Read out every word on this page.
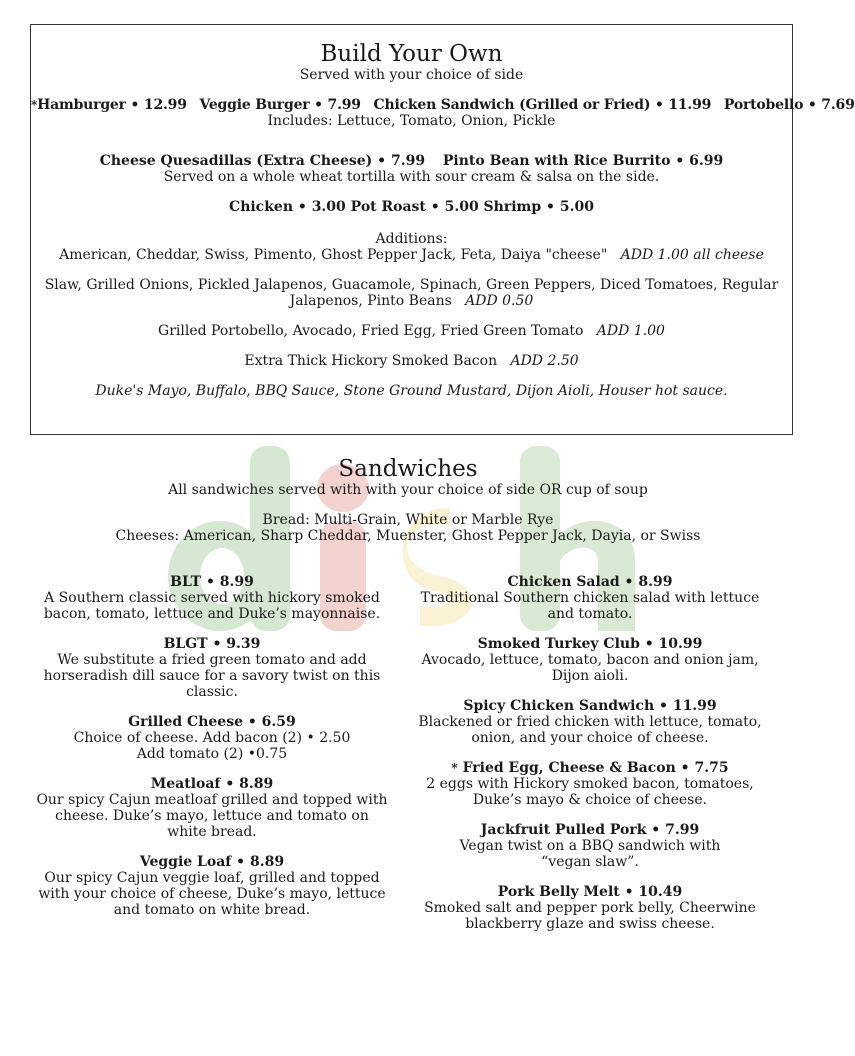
Build Your Own
Served with your choice of side
*Hamburger • 12.99 Veggie Burger • 7.99 Chicken Sandwich (Grilled or Fried) • 11.99 Portobello • 7.69
Includes: Lettuce, Tomato, Onion, Pickle
Cheese Quesadillas (Extra Cheese) • 7.99 Pinto Bean with Rice Burrito • 6.99
Served on a whole wheat tortilla with sour cream & salsa on the side.
Chicken • 3.00 Pot Roast • 5.00 Shrimp • 5.00
Additions:
American, Cheddar, Swiss, Pimento, Ghost Pepper Jack, Feta, Daiya "cheese" ADD 1.00 all cheese
Slaw, Grilled Onions, Pickled Jalapenos, Guacamole, Spinach, Green Peppers, Diced Tomatoes, Regular
Jalapenos, Pinto Beans ADD 0.50
Grilled Portobello, Avocado, Fried Egg, Fried Green Tomato ADD 1.00
Extra Thick Hickory Smoked Bacon ADD 2.50
Duke's Mayo, Buffalo, BBQ Sauce, Stone Ground Mustard, Dijon Aioli, Houser hot sauce.
Sandwiches
All sandwiches served with with your choice of side OR cup of soup
Bread: Multi-Grain, White or Marble Rye
Cheeses: American, Sharp Cheddar, Muenster, Ghost Pepper Jack, Dayia, or Swiss
BLT • 8.99
A Southern classic served with hickory smoked
bacon, tomato, lettuce and Duke’s mayonnaise.
BLGT • 9.39
We substitute a fried green tomato and add
horseradish dill sauce for a savory twist on this
classic.
Grilled Cheese • 6.59
Choice of cheese. Add bacon (2) • 2.50
Add tomato (2) •0.75
Meatloaf • 8.89
Our spicy Cajun meatloaf grilled and topped with
cheese. Duke’s mayo, lettuce and tomato on
white bread.
Veggie Loaf • 8.89
Our spicy Cajun veggie loaf, grilled and topped
with your choice of cheese, Duke’s mayo, lettuce
and tomato on white bread.
Chicken Salad • 8.99
Traditional Southern chicken salad with lettuce
and tomato.
Smoked Turkey Club • 10.99
Avocado, lettuce, tomato, bacon and onion jam,
Dijon aioli.
Spicy Chicken Sandwich • 11.99
Blackened or fried chicken with lettuce, tomato,
onion, and your choice of cheese.
* Fried Egg, Cheese & Bacon • 7.75
2 eggs with Hickory smoked bacon, tomatoes,
Duke’s mayo & choice of cheese.
Jackfruit Pulled Pork • 7.99
Vegan twist on a BBQ sandwich with
“vegan slaw”.
Pork Belly Melt • 10.49
Smoked salt and pepper pork belly, Cheerwine
blackberry glaze and swiss cheese.
